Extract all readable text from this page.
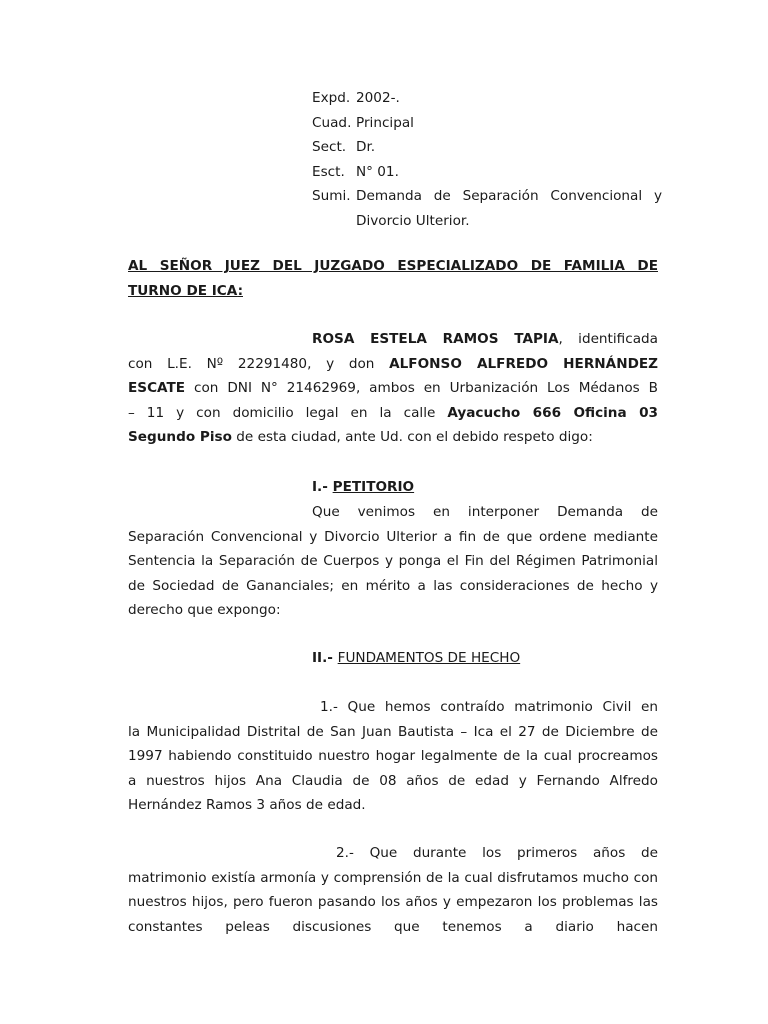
Expd. 2002-.
Cuad. Principal
Sect. Dr.
Esct. N° 01.
Sumi. Demanda de Separación Convencional y
Divorcio Ulterior.
AL SEÑOR JUEZ DEL JUZGADO ESPECIALIZADO DE FAMILIA DE
TURNO DE ICA:
ROSA ESTELA RAMOS TAPIA, identificada
con L.E. Nº 22291480, y don ALFONSO ALFREDO HERNÁNDEZ
ESCATE con DNI N° 21462969, ambos en Urbanización Los Médanos B
– 11 y con domicilio legal en la calle Ayacucho 666 Oficina 03
Segundo Piso de esta ciudad, ante Ud. con el debido respeto digo:
I.- PETITORIO
Que venimos en interponer Demanda de
Separación Convencional y Divorcio Ulterior a fin de que ordene mediante Sentencia la Separación de Cuerpos y ponga el Fin del Régimen Patrimonial de Sociedad de Gananciales; en mérito a las consideraciones de hecho y derecho que expongo:
II.- FUNDAMENTOS DE HECHO
1.- Que hemos contraído matrimonio Civil en
la Municipalidad Distrital de San Juan Bautista – Ica el 27 de Diciembre de 1997 habiendo constituido nuestro hogar legalmente de la cual procreamos a nuestros hijos Ana Claudia de 08 años de edad y Fernando Alfredo Hernández Ramos 3 años de edad.
2.- Que durante los primeros años de
matrimonio existía armonía y comprensión de la cual disfrutamos mucho con nuestros hijos, pero fueron pasando los años y empezaron los problemas las constantes peleas discusiones que tenemos a diario hacen
